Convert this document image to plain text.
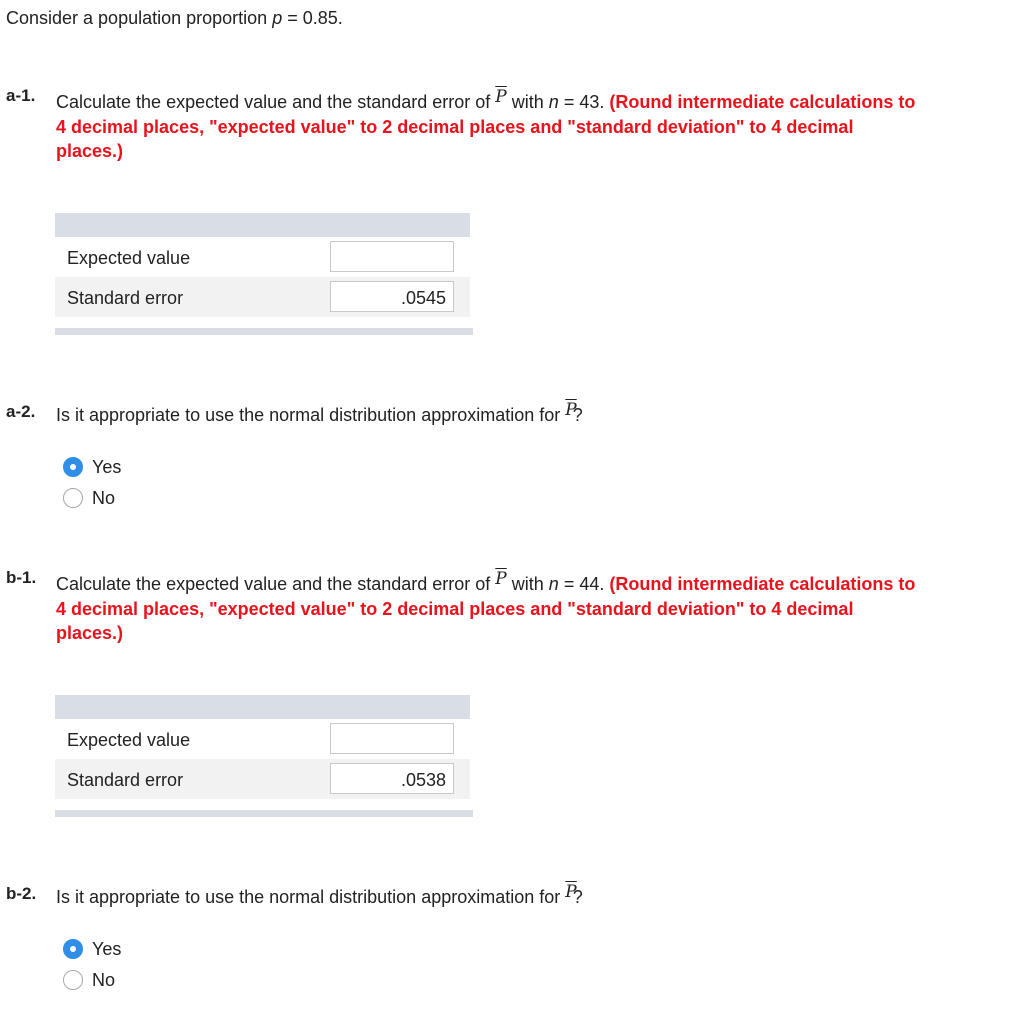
Consider a population proportion p = 0.85.
a-1. Calculate the expected value and the standard error of $\overline{P}$ with n = 43. (Round intermediate calculations to 4 decimal places, "expected value" to 2 decimal places and "standard deviation" to 4 decimal places.)
Expected value
Standard error
.0545
a-2. Is it appropriate to use the normal distribution approximation for $\overline{P}$?
Yes
No
b-1. Calculate the expected value and the standard error of $\overline{P}$ with n = 44. (Round intermediate calculations to 4 decimal places, "expected value" to 2 decimal places and "standard deviation" to 4 decimal places.)
Expected value
Standard error
.0538
b-2. Is it appropriate to use the normal distribution approximation for $\overline{P}$?
Yes
No
